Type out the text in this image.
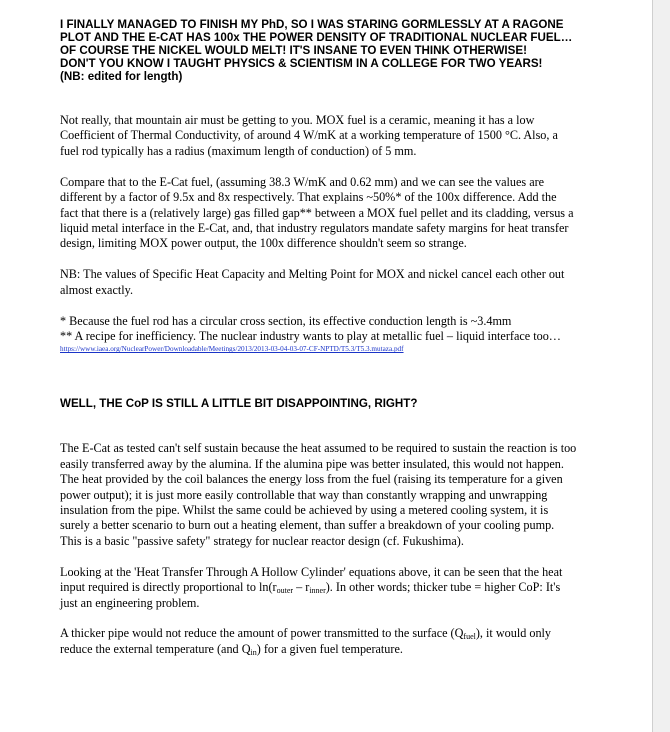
I FINALLY MANAGED TO FINISH MY PhD, SO I WAS STARING GORMLESSLY AT A RAGONE
PLOT AND THE E-CAT HAS 100x THE POWER DENSITY OF TRADITIONAL NUCLEAR FUEL…
OF COURSE THE NICKEL WOULD MELT! IT'S INSANE TO EVEN THINK OTHERWISE!
DON'T YOU KNOW I TAUGHT PHYSICS & SCIENTISM IN A COLLEGE FOR TWO YEARS!
(NB: edited for length)

Not really, that mountain air must be getting to you. MOX fuel is a ceramic, meaning it has a low
Coefficient of Thermal Conductivity, of around 4 W/mK at a working temperature of 1500 °C. Also, a
fuel rod typically has a radius (maximum length of conduction) of 5 mm.

Compare that to the E-Cat fuel, (assuming 38.3 W/mK and 0.62 mm) and we can see the values are
different by a factor of 9.5x and 8x respectively. That explains ~50%* of the 100x difference. Add the
fact that there is a (relatively large) gas filled gap** between a MOX fuel pellet and its cladding, versus a
liquid metal interface in the E-Cat, and, that industry regulators mandate safety margins for heat transfer
design, limiting MOX power output, the 100x difference shouldn't seem so strange.

NB: The values of Specific Heat Capacity and Melting Point for MOX and nickel cancel each other out
almost exactly.

* Because the fuel rod has a circular cross section, its effective conduction length is ~3.4mm
** A recipe for inefficiency. The nuclear industry wants to play at metallic fuel – liquid interface too…

https://www.iaea.org/NuclearPower/Downloadable/Meetings/2013/2013-03-04-03-07-CF-NPTD/T5.3/T5.3.mutaza.pdf

WELL, THE CoP IS STILL A LITTLE BIT DISAPPOINTING, RIGHT?

The E-Cat as tested can't self sustain because the heat assumed to be required to sustain the reaction is too
easily transferred away by the alumina. If the alumina pipe was better insulated, this would not happen.
The heat provided by the coil balances the energy loss from the fuel (raising its temperature for a given
power output); it is just more easily controllable that way than constantly wrapping and unwrapping
insulation from the pipe. Whilst the same could be achieved by using a metered cooling system, it is
surely a better scenario to burn out a heating element, than suffer a breakdown of your cooling pump.
This is a basic "passive safety" strategy for nuclear reactor design (cf. Fukushima).

Looking at the 'Heat Transfer Through A Hollow Cylinder' equations above, it can be seen that the heat
input required is directly proportional to $\ln(r_{outer} - r_{inner})$. In other words; thicker tube = higher CoP: It's
just an engineering problem.

A thicker pipe would not reduce the amount of power transmitted to the surface $(Q_{fuel})$, it would only
reduce the external temperature (and $Q_{in}$) for a given fuel temperature.
